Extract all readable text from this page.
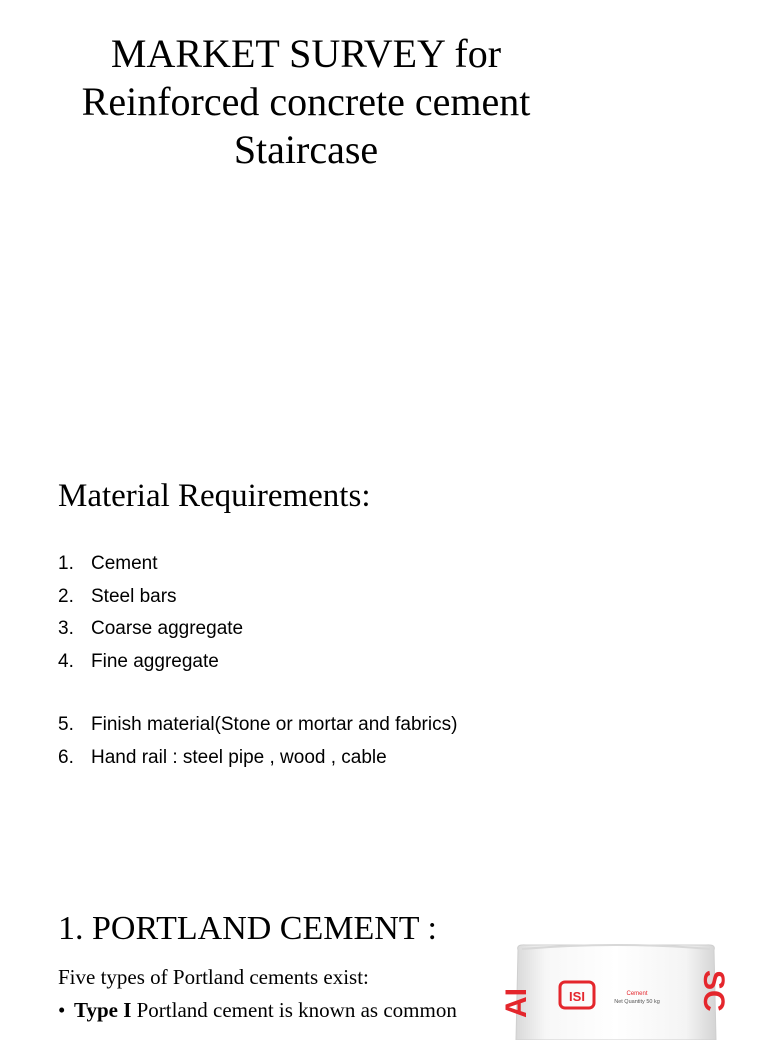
MARKET SURVEY for
Reinforced concrete cement
Staircase
Material Requirements:
1. Cement
2. Steel bars
3. Coarse aggregate
4. Fine aggregate
5. Finish material(Stone or mortar and fabrics)
6. Hand rail : steel pipe , wood , cable
1. PORTLAND CEMENT :

Five types of Portland cements exist:

• Type I Portland cement is known as common AI	ISI	Cement
Net Quantity 50 kg SC
